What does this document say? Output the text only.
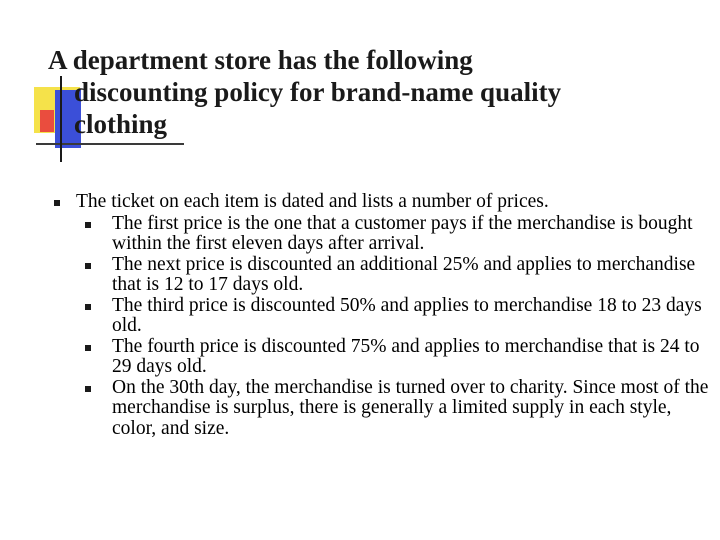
A department store has the following
discounting policy for brand-name quality
clothing
The ticket on each item is dated and lists a number of prices.
The first price is the one that a customer pays if the merchandise is bought within the first eleven days after arrival.
The next price is discounted an additional 25% and applies to merchandise that is 12 to 17 days old.
The third price is discounted 50% and applies to merchandise 18 to 23 days old.
The fourth price is discounted 75% and applies to merchandise that is 24 to 29 days old.
On the 30th day, the merchandise is turned over to charity. Since most of the merchandise is surplus, there is generally a limited supply in each style, color, and size.
